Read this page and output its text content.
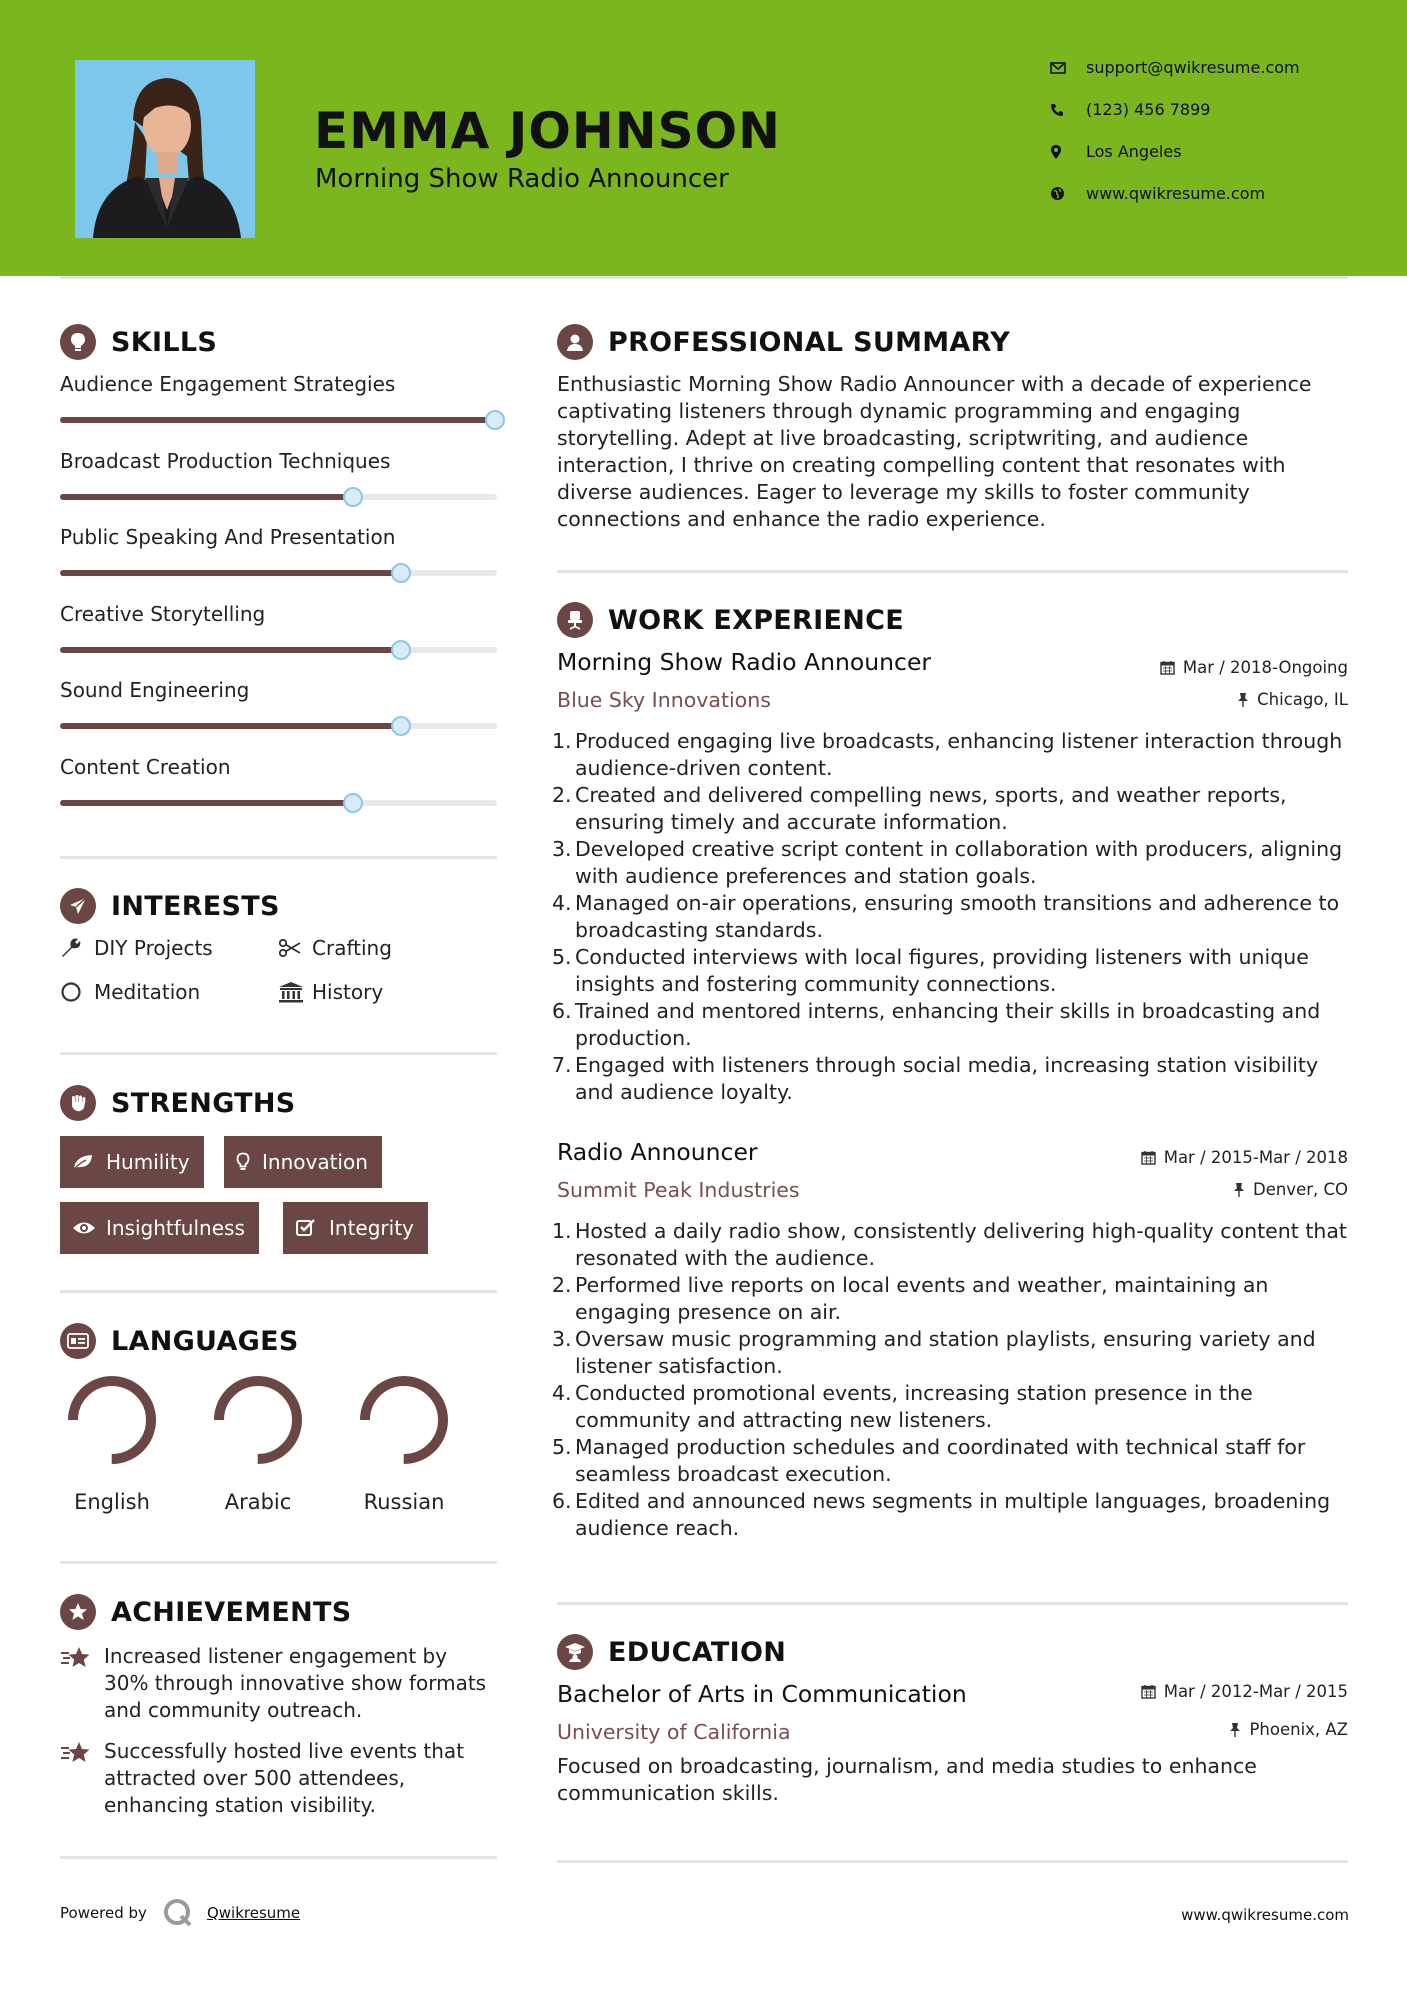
EMMA JOHNSON
Morning Show Radio Announcer
support@qwikresume.com
(123) 456 7899
Los Angeles
www.qwikresume.com
SKILLS
Audience Engagement Strategies
Broadcast Production Techniques
Public Speaking And Presentation
Creative Storytelling
Sound Engineering
Content Creation
INTERESTS
DIY Projects	Crafting
Meditation	History
STRENGTHS
Humility	Innovation
Insightfulness	Integrity
LANGUAGES
English	Arabic	Russian
ACHIEVEMENTS
Increased listener engagement by 30% through innovative show formats and community outreach.
Successfully hosted live events that attracted over 500 attendees, enhancing station visibility.
PROFESSIONAL SUMMARY
Enthusiastic Morning Show Radio Announcer with a decade of experience captivating listeners through dynamic programming and engaging storytelling. Adept at live broadcasting, scriptwriting, and audience interaction, I thrive on creating compelling content that resonates with diverse audiences. Eager to leverage my skills to foster community connections and enhance the radio experience.
WORK EXPERIENCE
Morning Show Radio Announcer	Mar / 2018-Ongoing
Blue Sky Innovations	Chicago, IL
1. Produced engaging live broadcasts, enhancing listener interaction through audience-driven content.
2. Created and delivered compelling news, sports, and weather reports, ensuring timely and accurate information.
3. Developed creative script content in collaboration with producers, aligning with audience preferences and station goals.
4. Managed on-air operations, ensuring smooth transitions and adherence to broadcasting standards.
5. Conducted interviews with local figures, providing listeners with unique insights and fostering community connections.
6. Trained and mentored interns, enhancing their skills in broadcasting and production.
7. Engaged with listeners through social media, increasing station visibility and audience loyalty.
Radio Announcer	Mar / 2015-Mar / 2018
Summit Peak Industries	Denver, CO
1. Hosted a daily radio show, consistently delivering high-quality content that resonated with the audience.
2. Performed live reports on local events and weather, maintaining an engaging presence on air.
3. Oversaw music programming and station playlists, ensuring variety and listener satisfaction.
4. Conducted promotional events, increasing station presence in the community and attracting new listeners.
5. Managed production schedules and coordinated with technical staff for seamless broadcast execution.
6. Edited and announced news segments in multiple languages, broadening audience reach.
EDUCATION
Bachelor of Arts in Communication	Mar / 2012-Mar / 2015
University of California	Phoenix, AZ
Focused on broadcasting, journalism, and media studies to enhance communication skills.
Powered by	Qwikresume	www.qwikresume.com
